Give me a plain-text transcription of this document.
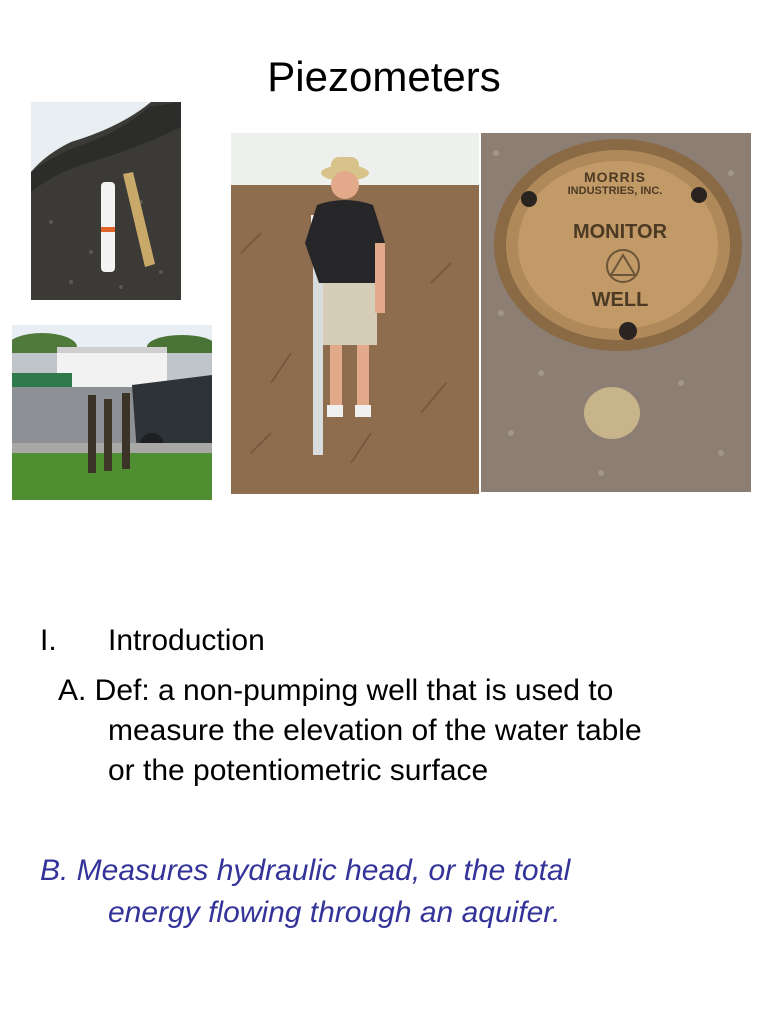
Piezometers
MORRIS
INDUSTRIES, INC.
MONITOR
WELL
I. Introduction
A. Def: a non-pumping well that is used to
measure the elevation of the water table
or the potentiometric surface
B. Measures hydraulic head, or the total
energy flowing through an aquifer.
